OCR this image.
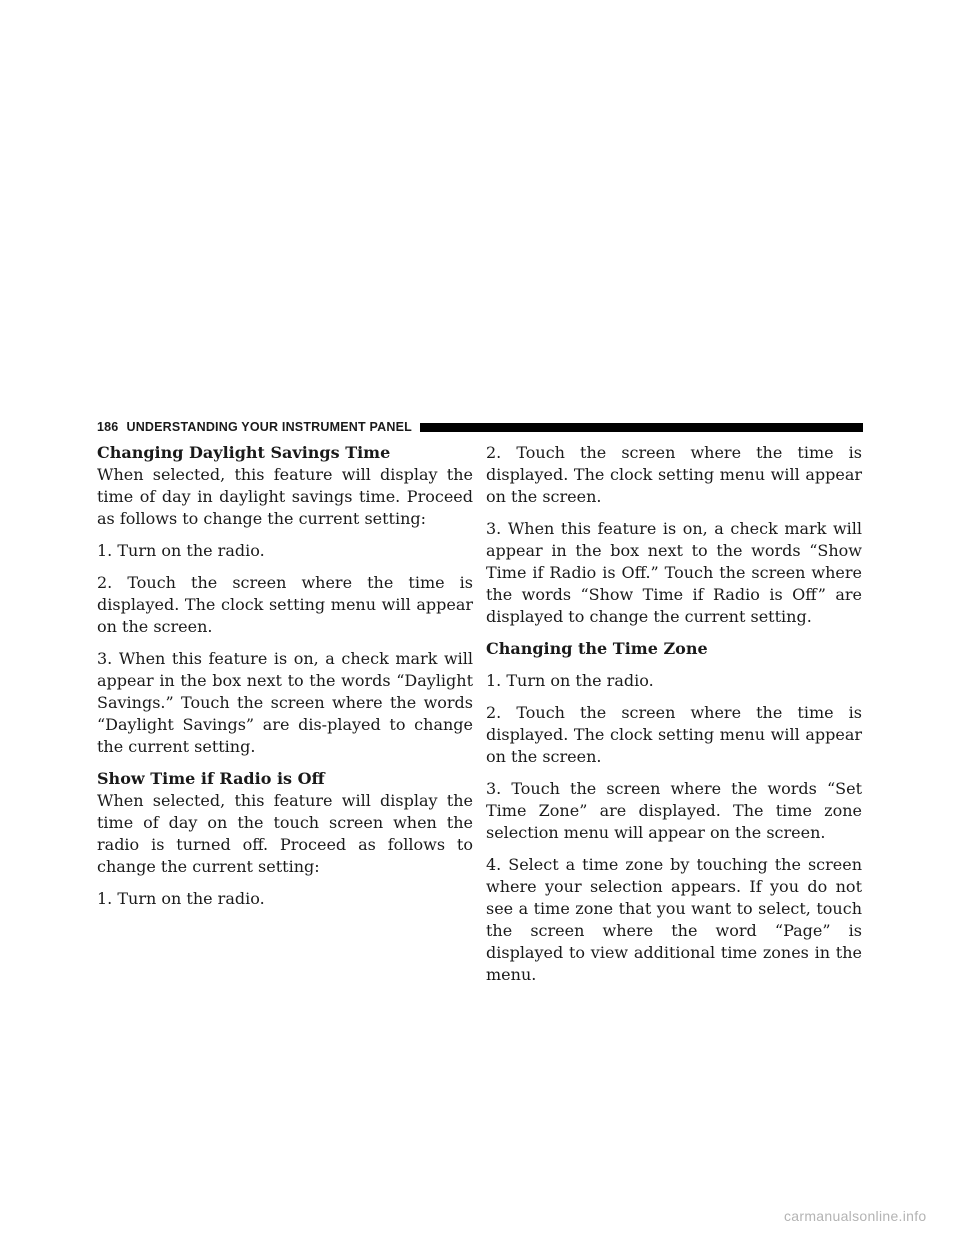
186 UNDERSTANDING YOUR INSTRUMENT PANEL

Changing Daylight Savings Time

When selected, this feature will display the time of day in daylight savings time. Proceed as follows to change the current setting:

1. Turn on the radio.

2. Touch the screen where the time is displayed. The clock setting menu will appear on the screen.

3. When this feature is on, a check mark will appear in the box next to the words “Daylight Savings.” Touch the screen where the words “Daylight Savings” are dis-played to change the current setting.

Show Time if Radio is Off

When selected, this feature will display the time of day on the touch screen when the radio is turned off. Proceed as follows to change the current setting:

1. Turn on the radio.

2. Touch the screen where the time is displayed. The clock setting menu will appear on the screen.

3. When this feature is on, a check mark will appear in the box next to the words “Show Time if Radio is Off.” Touch the screen where the words “Show Time if Radio is Off” are displayed to change the current setting.

Changing the Time Zone

1. Turn on the radio.

2. Touch the screen where the time is displayed. The clock setting menu will appear on the screen.

3. Touch the screen where the words “Set Time Zone” are displayed. The time zone selection menu will appear on the screen.

4. Select a time zone by touching the screen where your selection appears. If you do not see a time zone that you want to select, touch the screen where the word “Page” is displayed to view additional time zones in the menu.

carmanualsonline.info
